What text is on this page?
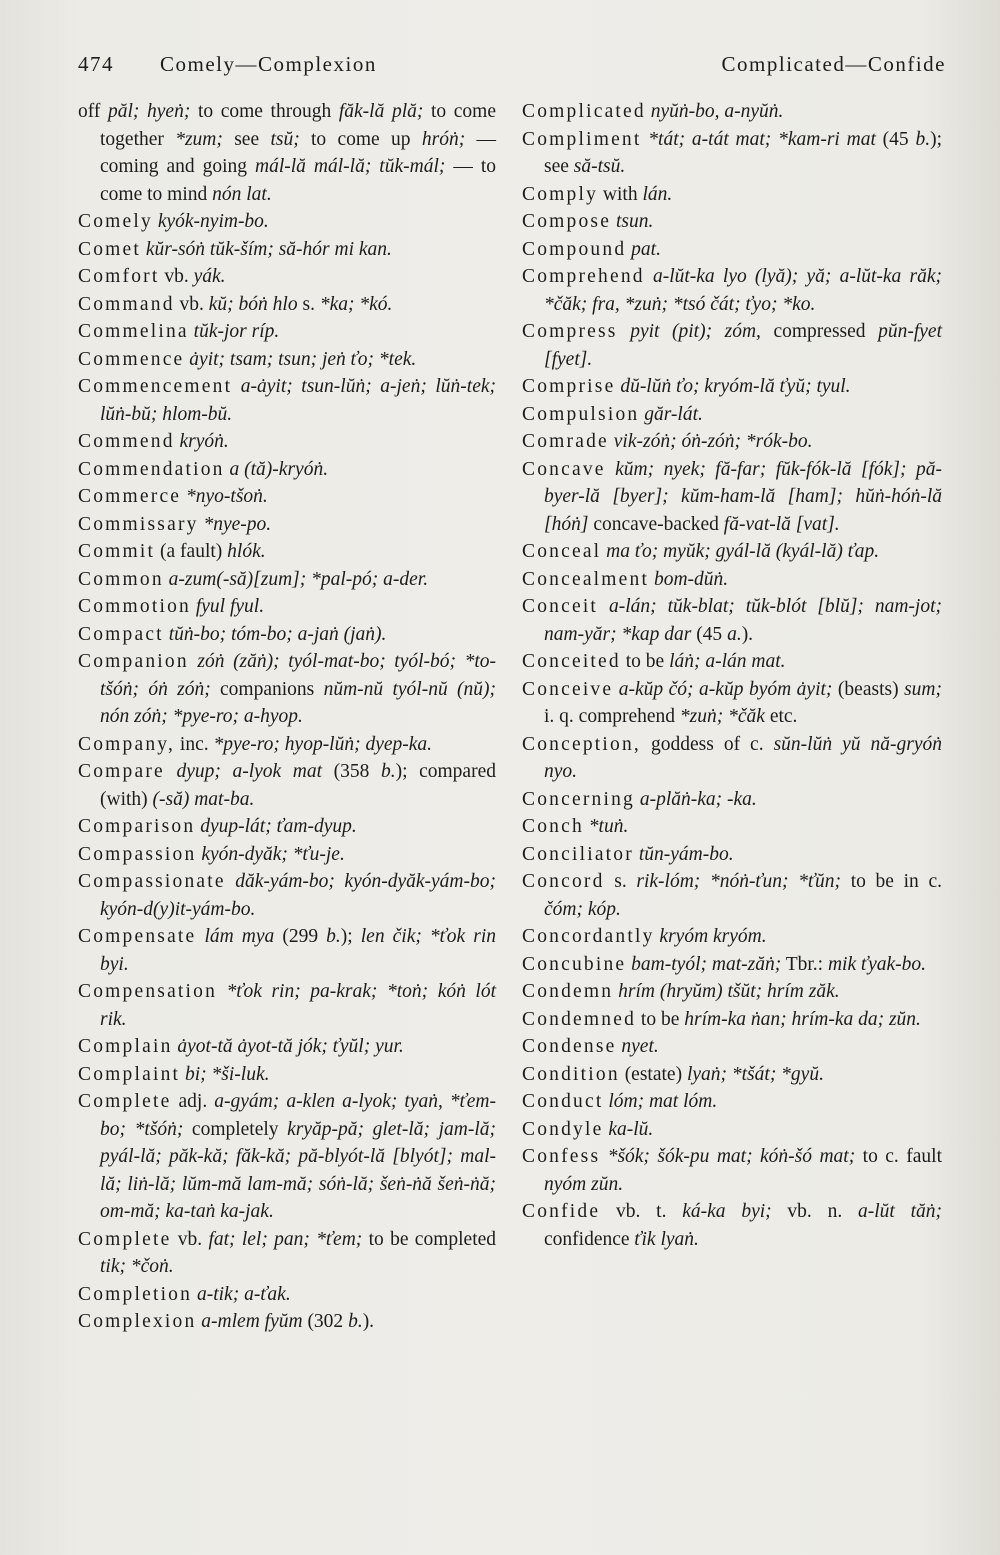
474 Comely—Complexion	Complicated—Confide

off păl; hyeṅ; to come through făk-lă plă; to come together *zum; see tsŭ; to come up hróṅ; — coming and going mál-lă mál-lă; tŭk-mál; — to come to mind nón lat.

Comely kyók-nyim-bo.

Comet kŭr-sóṅ tŭk-ším; să-hór mi kan.

Comfort vb. yák.

Command vb. kŭ; bóṅ hlo s. *ka; *kó.

Commelina tŭk-jor ríp.

Commence ȧyit; tsam; tsun; jeṅ ťo; *tek.

Commencement a-ȧyit; tsun-lŭṅ; a-jeṅ; lŭṅ-tek; lŭṅ-bŭ; hlom-bŭ.

Commend kryóṅ.

Commendation a (tă)-kryóṅ.

Commerce *nyo-tšoṅ.

Commissary *nye-po.

Commit (a fault) hlók.

Common a-zum(-să)[zum]; *pal-pó; a-der.

Commotion fyul fyul.

Compact tŭṅ-bo; tóm-bo; a-jaṅ (jaṅ).

Companion zóṅ (zăṅ); tyól-mat-bo; tyól-bó; *to-tšóṅ; óṅ zóṅ; companions nŭm-nŭ tyól-nŭ (nŭ); nón zóṅ; *pye-ro; a-hyop.

Company, inc. *pye-ro; hyop-lŭṅ; dyep-ka.

Compare dyup; a-lyok mat (358 b.); compared (with) (-să) mat-ba.

Comparison dyup-lát; ťam-dyup.

Compassion kyón-dyăk; *ťu-je.

Compassionate dăk-yám-bo; kyón-dyăk-yám-bo; kyón-d(y)it-yám-bo.

Compensate lám mya (299 b.); len čik; *ťok rin byi.

Compensation *ťok rin; pa-krak; *toṅ; kóṅ lót rik.

Complain ȧyot-tă ȧyot-tă jók; ťyŭl; yur.

Complaint bi; *ši-luk.

Complete adj. a-gyám; a-klen a-lyok; tyaṅ, *ťem-bo; *tšóṅ; completely kryăp-pă; glet-lă; jam-lă; pyál-lă; păk-kă; făk-kă; pă-blyót-lă [blyót]; mal-lă; liṅ-lă; lŭm-mă lam-mă; sóṅ-lă; šeṅ-ṅă šeṅ-ṅă; om-mă; ka-taṅ ka-jak.

Complete vb. fat; lel; pan; *ťem; to be completed tik; *čoṅ.

Completion a-tik; a-ťak.

Complexion a-mlem fyŭm (302 b.).

Complicated nyŭṅ-bo, a-nyŭṅ.

Compliment *tát; a-tát mat; *kam-ri mat (45 b.); see să-tsŭ.

Comply with lán.

Compose tsun.

Compound pat.

Comprehend a-lŭt-ka lyo (lyă); yă; a-lŭt-ka răk; *čăk; fra, *zuṅ; *tsó čát; ťyo; *ko.

Compress pyit (pit); zóm, compressed pŭn-fyet [fyet].

Comprise dŭ-lŭṅ ťo; kryóm-lă ťyŭ; tyul.

Compulsion găr-lát.

Comrade vik-zóṅ; óṅ-zóṅ; *rók-bo.

Concave kŭm; nyek; fă-far; fŭk-fók-lă [fók]; pă-byer-lă [byer]; kŭm-ham-lă [ham]; hŭṅ-hóṅ-lă [hóṅ] concave-backed fă-vat-lă [vat].

Conceal ma ťo; myŭk; gyál-lă (kyál-lă) ťap.

Concealment bom-dŭṅ.

Conceit a-lán; tŭk-blat; tŭk-blót [blŭ]; nam-jot; nam-yăr; *kap dar (45 a.).

Conceited to be láṅ; a-lán mat.

Conceive a-kŭp čó; a-kŭp byóm ȧyit; (beasts) sum; i. q. comprehend *zuṅ; *čăk etc.

Conception, goddess of c. sŭn-lŭṅ yŭ nă-gryóṅ nyo.

Concerning a-plăṅ-ka; -ka.

Conch *tuṅ.

Conciliator tŭn-yám-bo.

Concord s. rik-lóm; *nóṅ-ťun; *ťŭn; to be in c. čóm; kóp.

Concordantly kryóm kryóm.

Concubine bam-tyól; mat-zăṅ; Tbr.: mik ťyak-bo.

Condemn hrím (hryŭm) tšŭt; hrím zăk.

Condemned to be hrím-ka ṅan; hrím-ka da; zŭn.

Condense nyet.

Condition (estate) lyaṅ; *tšát; *gyŭ.

Conduct lóm; mat lóm.

Condyle ka-lŭ.

Confess *šók; šók-pu mat; kóṅ-šó mat; to c. fault nyóm zŭn.

Confide vb. t. ká-ka byi; vb. n. a-lŭt tăṅ; confidence ťik lyaṅ.
